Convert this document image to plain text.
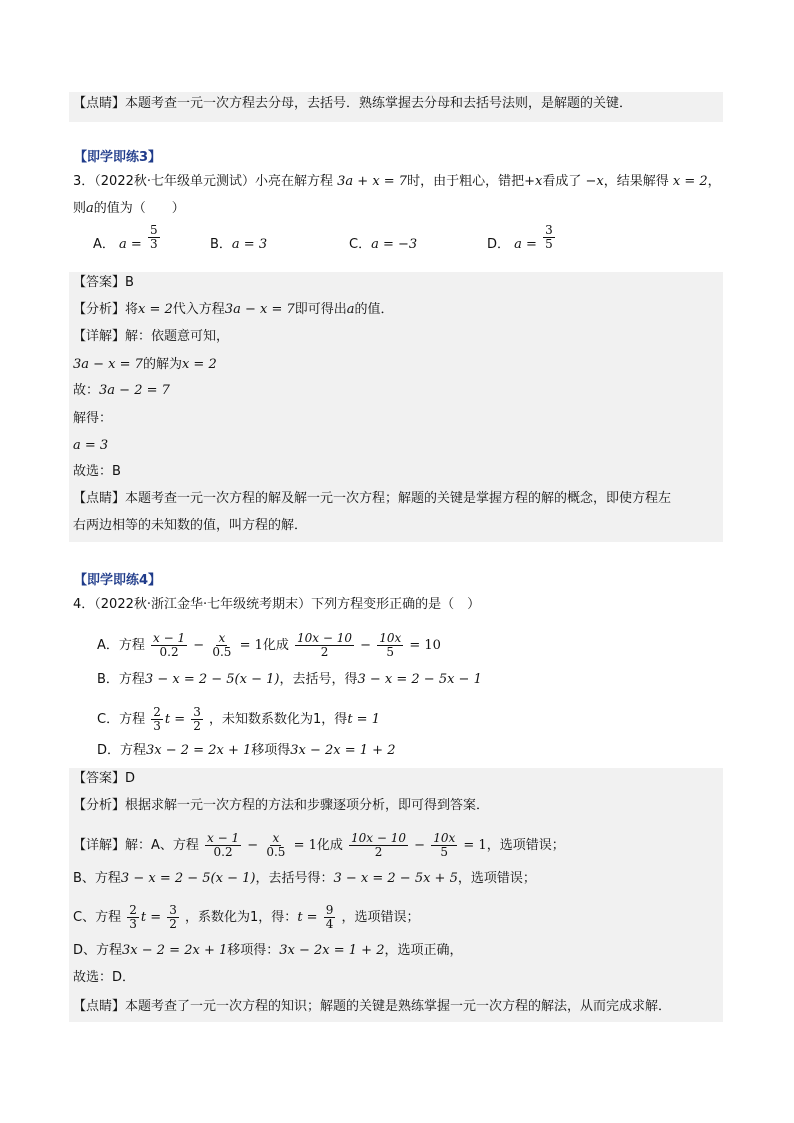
【点睛】本题考查一元一次方程去分母，去括号．熟练掌握去分母和去括号法则，是解题的关键．
【即学即练3】
3．（2022秋·七年级单元测试）小亮在解方程 3a + x = 7时，由于粗心，错把+x看成了 −x，结果解得 x = 2，
则a的值为（　　）
A． $a = \frac{5}{3}$	B．a = 3	C．a = −3	D． $a = \frac{3}{5}$
【答案】B
【分析】将x = 2代入方程3a − x = 7即可得出a的值．
【详解】解：依题意可知，
3a − x = 7的解为x = 2
故：3a − 2 = 7
解得：
a = 3
故选：B
【点睛】本题考查一元一次方程的解及解一元一次方程；解题的关键是掌握方程的解的概念，即使方程左
右两边相等的未知数的值，叫方程的解．
【即学即练4】
4．（2022秋·浙江金华·七年级统考期末）下列方程变形正确的是（　）
A．方程 $\frac{x - 1}{0.2} - \frac{x}{0.5} = 1$化成 $\frac{10x - 10}{2} - \frac{10x}{5} = 10$
B．方程3 − x = 2 − 5(x − 1)，去括号，得3 − x = 2 − 5x − 1
C．方程 $\frac{2}{3}$ $t = \frac{3}{2}$ ，未知数系数化为1，得t = 1
D．方程3x − 2 = 2x + 1移项得3x − 2x = 1 + 2
【答案】D
【分析】根据求解一元一次方程的方法和步骤逐项分析，即可得到答案．
【详解】解：A、方程 $\frac{x - 1}{0.2} - \frac{x}{0.5} = 1$化成 $\frac{10x - 10}{2} - \frac{10x}{5} = 1$，选项错误；
B、方程3 − x = 2 − 5(x − 1)，去括号得：3 − x = 2 − 5x + 5，选项错误；
C、方程 $\frac{2}{3}$ $t = \frac{3}{2}$ ，系数化为1，得：$t = \frac{9}{4}$ ，选项错误；
D、方程3x − 2 = 2x + 1移项得：3x − 2x = 1 + 2，选项正确，
故选：D．
【点睛】本题考查了一元一次方程的知识；解题的关键是熟练掌握一元一次方程的解法，从而完成求解．
